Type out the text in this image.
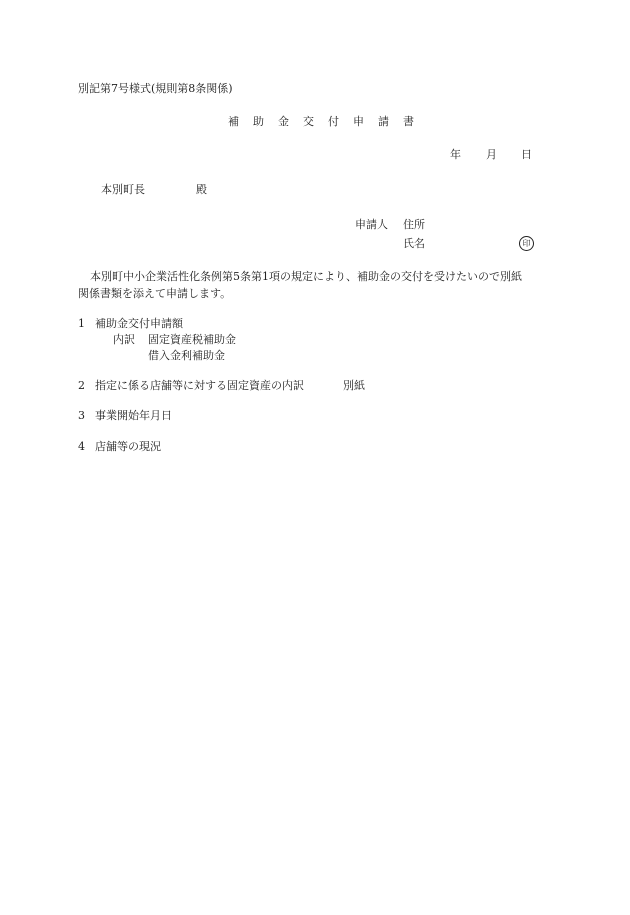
別記第7号様式(規則第8条関係)
補 助 金 交 付 申 請 書
年 月 日
本別町長	殿
申請人 住所
氏名	印
本別町中小企業活性化条例第5条第1項の規定により、補助金の交付を受けたいので別紙
関係書類を添えて申請します。
1 補助金交付申請額
内訳 固定資産税補助金
借入金利補助金
2 指定に係る店舗等に対する固定資産の内訳	別紙
3 事業開始年月日
4 店舗等の現況
